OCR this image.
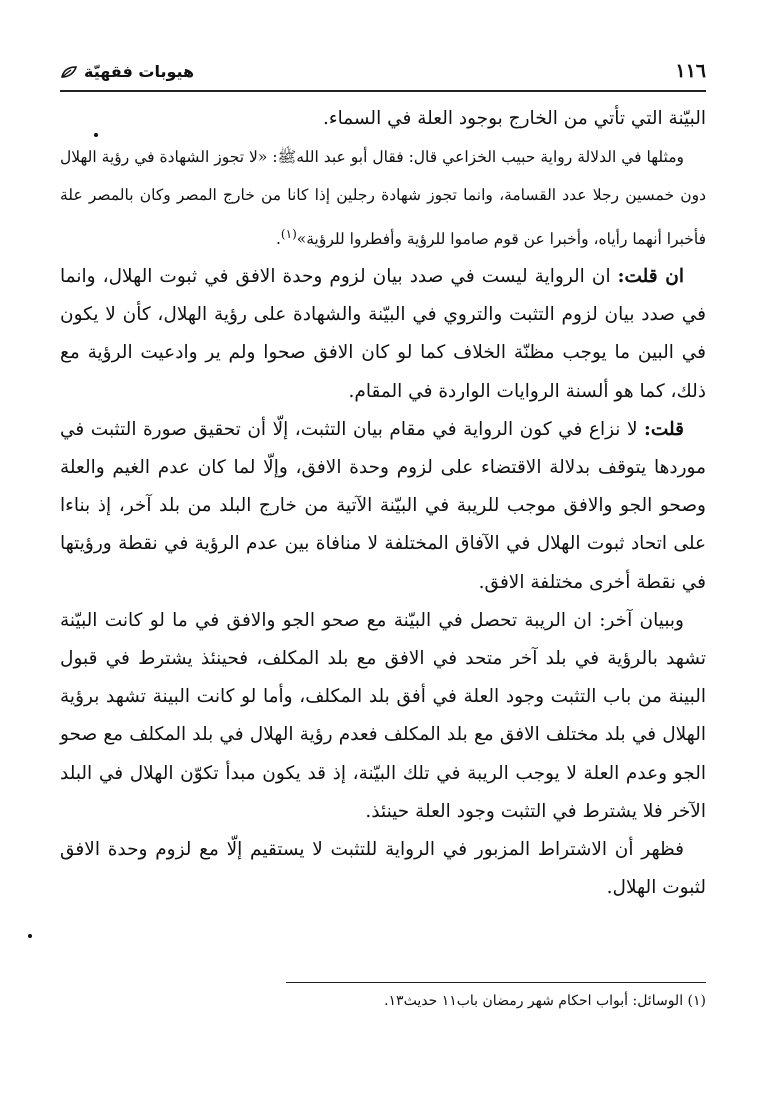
١١٦
هيوبات فقهيّة

البيّنة التي تأتي من الخارج بوجود العلة في السماء.

ومثلها في الدلالة رواية حبيب الخزاعي قال: فقال أبو عبد الله‏ﷺ: «لا تجوز الشهادة في رؤية الهلال دون خمسين رجلا عدد القسامة، وانما تجوز شهادة رجلين إذا كانا من خارج المصر وكان بالمصر علة فأخبرا أنهما رأياه، وأخبرا عن قوم صاموا للرؤية وأفطروا للرؤية»$^{(١)}$.

ان قلت: ان الرواية ليست في صدد بيان لزوم وحدة الافق في ثبوت الهلال، وانما في صدد بيان لزوم التثبت والتروي في البيّنة والشهادة على رؤية الهلال، كأن لا يكون في البين ما يوجب مظنّة الخلاف كما لو كان الافق صحوا ولم ير وادعيت الرؤية مع ذلك، كما هو ألسنة الروايات الواردة في المقام.

قلت: لا نزاع في كون الرواية في مقام بيان التثبت، إلّا أن تحقيق صورة التثبت في موردها يتوقف بدلالة الاقتضاء على لزوم وحدة الافق، وإلّا لما كان عدم الغيم والعلة وصحو الجو والافق موجب للريبة في البيّنة الآتية من خارج البلد من بلد آخر، إذ بناءا على اتحاد ثبوت الهلال في الآفاق المختلفة لا منافاة بين عدم الرؤية في نقطة ورؤيتها في نقطة أخرى مختلفة الافق.

وببيان آخر: ان الريبة تحصل في البيّنة مع صحو الجو والافق في ما لو كانت البيّنة تشهد بالرؤية في بلد آخر متحد في الافق مع بلد المكلف، فحينئذ يشترط في قبول البينة من باب التثبت وجود العلة في أفق بلد المكلف، وأما لو كانت البينة تشهد برؤية الهلال في بلد مختلف الافق مع بلد المكلف فعدم رؤية الهلال في بلد المكلف مع صحو الجو وعدم العلة لا يوجب الريبة في تلك البيّنة، إذ قد يكون مبدأ تكوّن الهلال في البلد الآخر فلا يشترط في التثبت وجود العلة حينئذ.

فظهر أن الاشتراط المزبور في الرواية للتثبت لا يستقيم إلّا مع لزوم وحدة الافق لثبوت الهلال.

(١) الوسائل: أبواب احكام شهر رمضان باب١١ حديث١٣.
